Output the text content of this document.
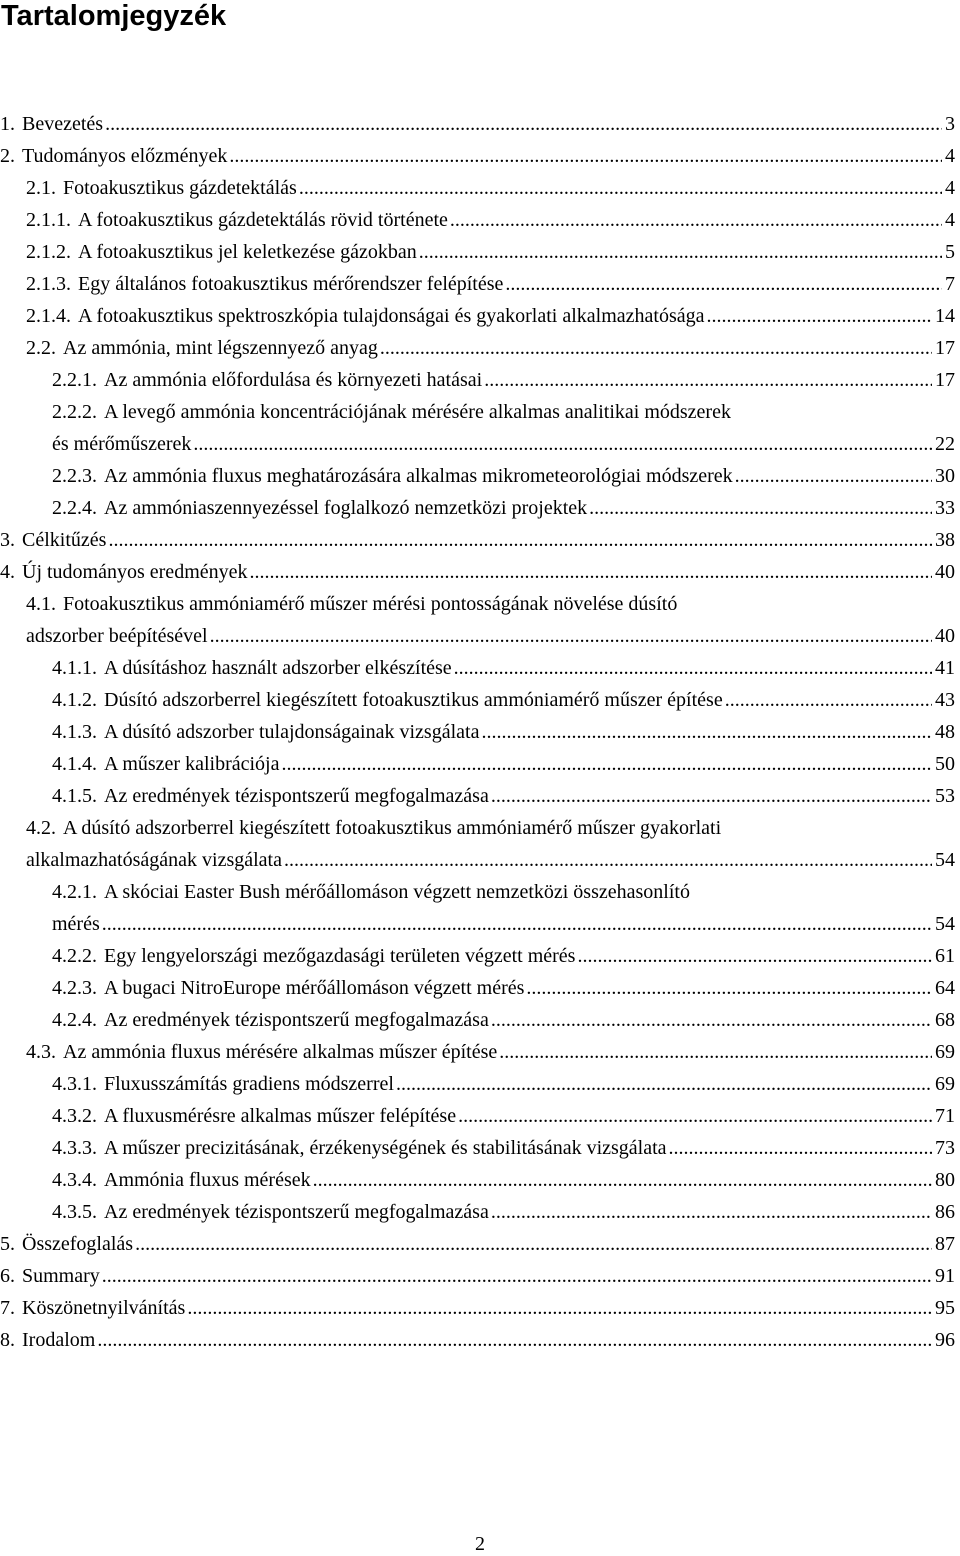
Tartalomjegyzék
1. Bevezetés .....	3
2. Tudományos előzmények .....	4
2.1. Fotoakusztikus gázdetektálás .....	4
2.1.1. A fotoakusztikus gázdetektálás rövid története .....	4
2.1.2. A fotoakusztikus jel keletkezése gázokban .....	5
2.1.3. Egy általános fotoakusztikus mérőrendszer felépítése .....	7
2.1.4. A fotoakusztikus spektroszkópia tulajdonságai és gyakorlati alkalmazhatósága .....	14
2.2. Az ammónia, mint légszennyező anyag .....	17
2.2.1. Az ammónia előfordulása és környezeti hatásai .....	17
2.2.2. A levegő ammónia koncentrációjának mérésére alkalmas analitikai módszerek
és mérőműszerek .....	22
2.2.3. Az ammónia fluxus meghatározására alkalmas mikrometeorológiai módszerek .....	30
2.2.4. Az ammóniaszennyezéssel foglalkozó nemzetközi projektek .....	33
3. Célkitűzés .....	38
4. Új tudományos eredmények .....	40
4.1. Fotoakusztikus ammóniamérő műszer mérési pontosságának növelése dúsító
adszorber beépítésével .....	40
4.1.1. A dúsításhoz használt adszorber elkészítése .....	41
4.1.2. Dúsító adszorberrel kiegészített fotoakusztikus ammóniamérő műszer építése .....	43
4.1.3. A dúsító adszorber tulajdonságainak vizsgálata .....	48
4.1.4. A műszer kalibrációja .....	50
4.1.5. Az eredmények tézispontszerű megfogalmazása .....	53
4.2. A dúsító adszorberrel kiegészített fotoakusztikus ammóniamérő műszer gyakorlati
alkalmazhatóságának vizsgálata .....	54
4.2.1. A skóciai Easter Bush mérőállomáson végzett nemzetközi összehasonlító
mérés .....	54
4.2.2. Egy lengyelországi mezőgazdasági területen végzett mérés .....	61
4.2.3. A bugaci NitroEurope mérőállomáson végzett mérés .....	64
4.2.4. Az eredmények tézispontszerű megfogalmazása .....	68
4.3. Az ammónia fluxus mérésére alkalmas műszer építése .....	69
4.3.1. Fluxusszámítás gradiens módszerrel .....	69
4.3.2. A fluxusmérésre alkalmas műszer felépítése .....	71
4.3.3. A műszer precizitásának, érzékenységének és stabilitásának vizsgálata .....	73
4.3.4. Ammónia fluxus mérések .....	80
4.3.5. Az eredmények tézispontszerű megfogalmazása .....	86
5. Összefoglalás .....	87
6. Summary .....	91
7. Köszönetnyilvánítás .....	95
8. Irodalom .....	96
2
